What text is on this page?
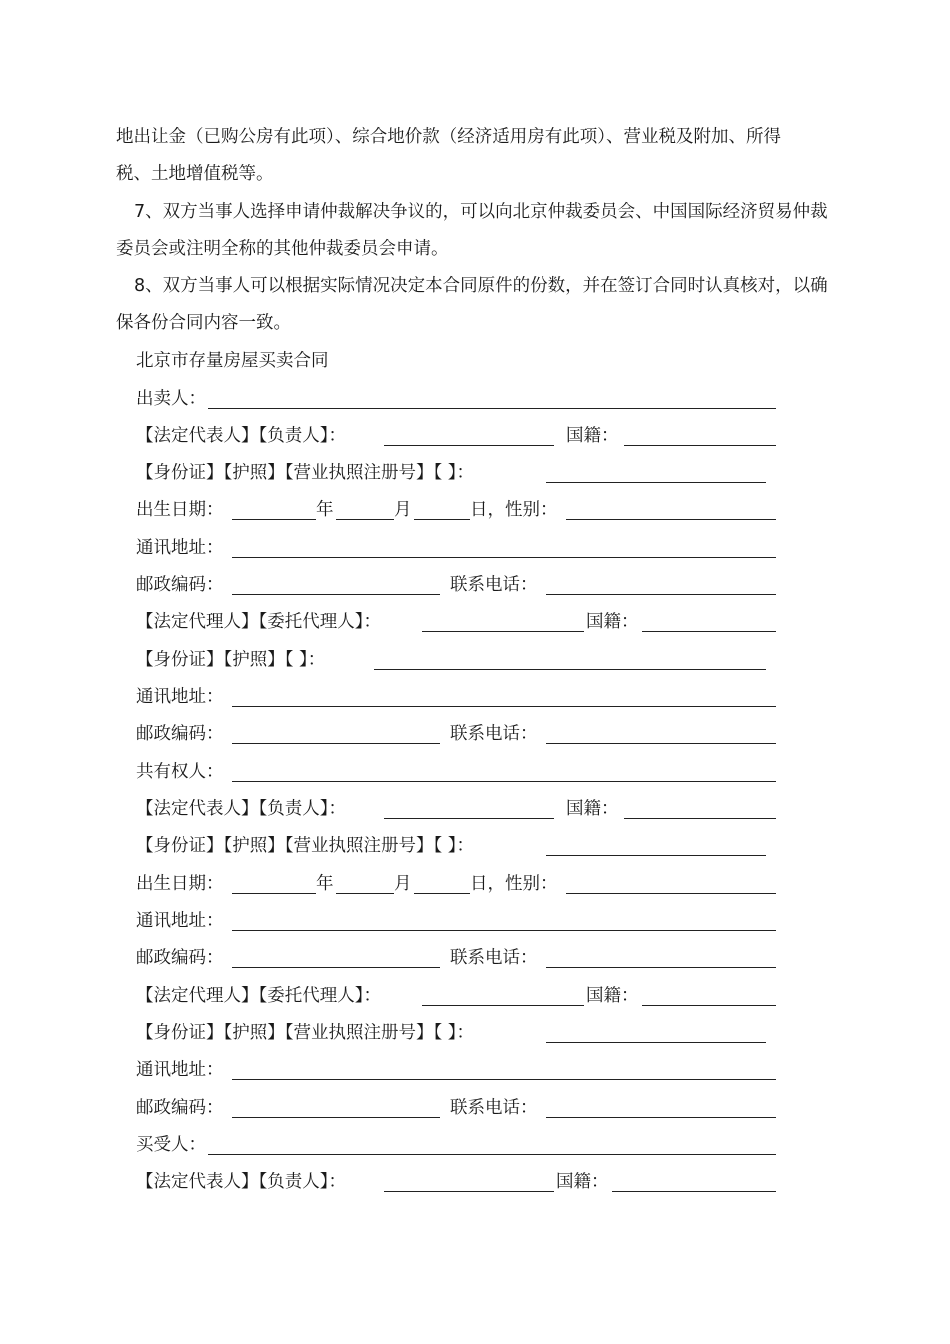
地出让金（已购公房有此项）、综合地价款（经济适用房有此项）、营业税及附加、所得
税、土地增值税等。

7、双方当事人选择申请仲裁解决争议的，可以向北京仲裁委员会、中国国际经济贸易仲裁委员会或注明全称的其他仲裁委员会申请。

8、双方当事人可以根据实际情况决定本合同原件的份数，并在签订合同时认真核对，以确保各份合同内容一致。

北京市存量房屋买卖合同
出卖人：
【法定代表人】【负责人】：	国籍：
【身份证】【护照】【营业执照注册号】【 】：
出生日期：	年	月	日，性别：
通讯地址：
邮政编码：	联系电话：
【法定代理人】【委托代理人】：	国籍：
【身份证】【护照】【 】：
通讯地址：
邮政编码：	联系电话：
共有权人：
【法定代表人】【负责人】：	国籍：
【身份证】【护照】【营业执照注册号】【 】：
出生日期：	年	月	日，性别：
通讯地址：
邮政编码：	联系电话：
【法定代理人】【委托代理人】：	国籍：
【身份证】【护照】【营业执照注册号】【 】：
通讯地址：
邮政编码：	联系电话：
买受人：
【法定代表人】【负责人】：	国籍：
